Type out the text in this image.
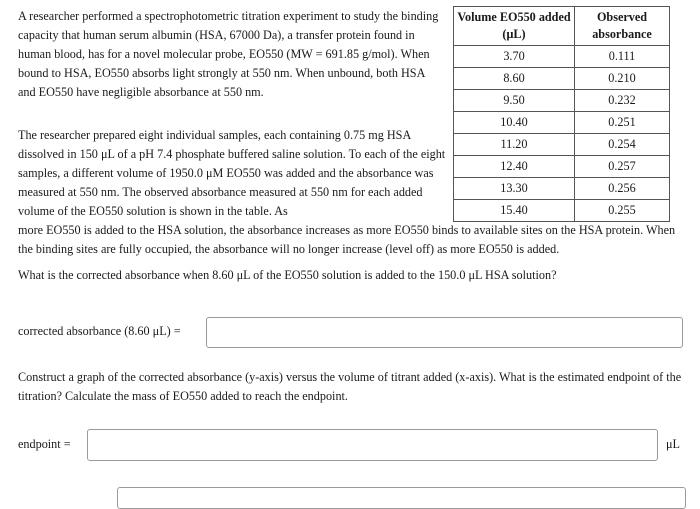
A researcher performed a spectrophotometric titration experiment to study the binding capacity that human serum albumin (HSA, 67000 Da), a transfer protein found in human blood, has for a novel molecular probe, EO550 (MW = 691.85 g/mol). When bound to HSA, EO550 absorbs light strongly at 550 nm. When unbound, both HSA and EO550 have negligible absorbance at 550 nm.

The researcher prepared eight individual samples, each containing 0.75 mg HSA dissolved in 150 μL of a pH 7.4 phosphate buffered saline solution. To each of the eight samples, a different volume of 1950.0 μM EO550 was added and the absorbance was measured at 550 nm. The observed absorbance measured at 550 nm for each added volume of the EO550 solution is shown in the table. As

more EO550 is added to the HSA solution, the absorbance increases as more EO550 binds to available sites on the HSA protein. When the binding sites are fully occupied, the absorbance will no longer increase (level off) as more EO550 is added.

What is the corrected absorbance when 8.60 μL of the EO550 solution is added to the 150.0 μL HSA solution?

Volume EO550 added (μL)	Observed absorbance
3.70	0.111
8.60	0.210
9.50	0.232
10.40	0.251
11.20	0.254
12.40	0.257
13.30	0.256
15.40	0.255
corrected absorbance (8.60 μL) =

Construct a graph of the corrected absorbance (y-axis) versus the volume of titrant added (x-axis). What is the estimated endpoint of the titration? Calculate the mass of EO550 added to reach the endpoint.

endpoint =	μL
